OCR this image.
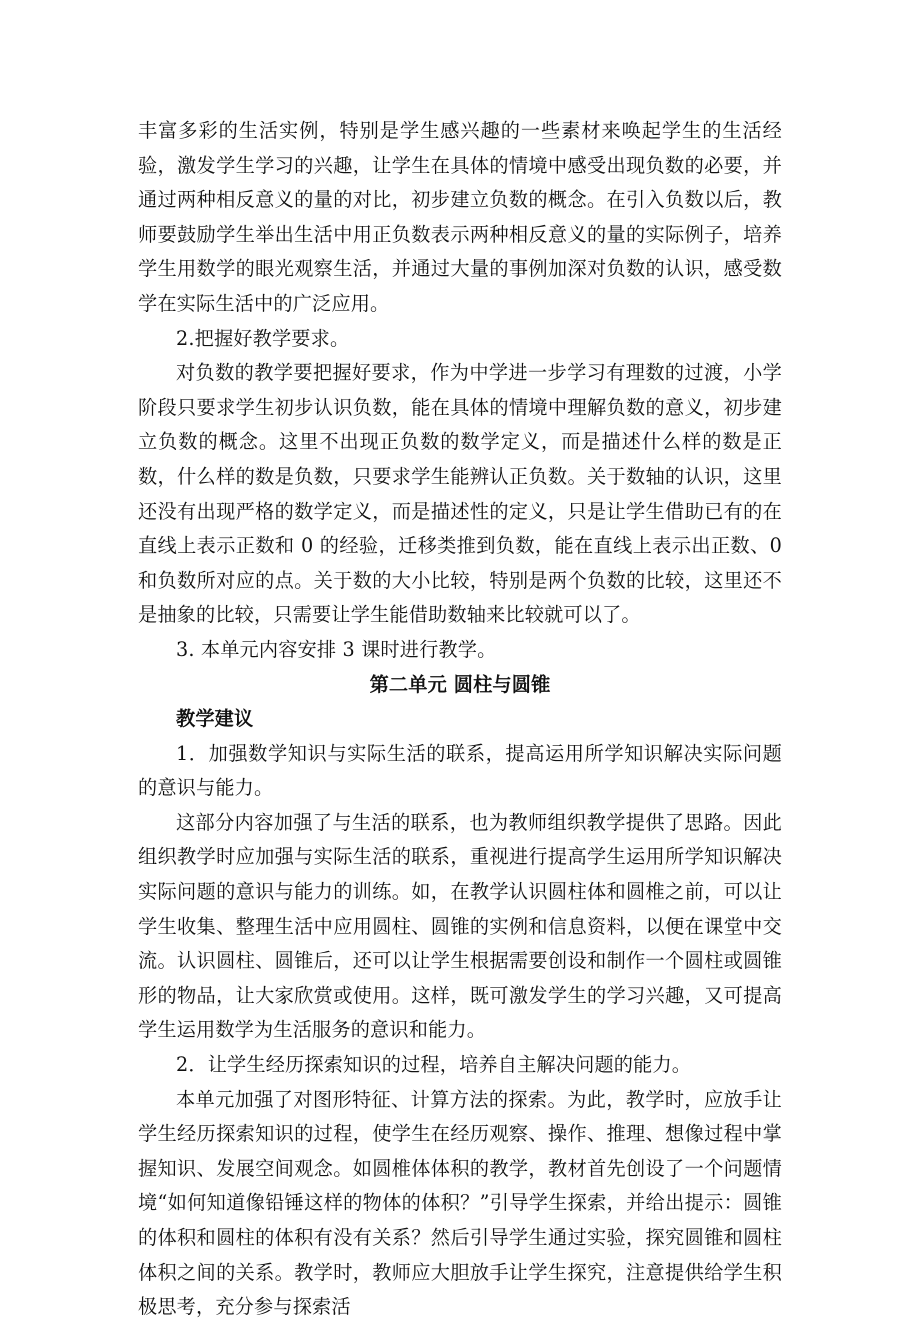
丰富多彩的生活实例，特别是学生感兴趣的一些素材来唤起学生的生活经验，激发学生学习的兴趣，让学生在具体的情境中感受出现负数的必要，并通过两种相反意义的量的对比，初步建立负数的概念。在引入负数以后，教师要鼓励学生举出生活中用正负数表示两种相反意义的量的实际例子，培养学生用数学的眼光观察生活，并通过大量的事例加深对负数的认识，感受数学在实际生活中的广泛应用。

2.把握好教学要求。

对负数的教学要把握好要求，作为中学进一步学习有理数的过渡，小学阶段只要求学生初步认识负数，能在具体的情境中理解负数的意义，初步建立负数的概念。这里不出现正负数的数学定义，而是描述什么样的数是正数，什么样的数是负数，只要求学生能辨认正负数。关于数轴的认识，这里还没有出现严格的数学定义，而是描述性的定义，只是让学生借助已有的在直线上表示正数和 0 的经验，迁移类推到负数，能在直线上表示出正数、0 和负数所对应的点。关于数的大小比较，特别是两个负数的比较，这里还不是抽象的比较，只需要让学生能借助数轴来比较就可以了。

3. 本单元内容安排 3 课时进行教学。

第二单元 圆柱与圆锥

教学建议

1．加强数学知识与实际生活的联系，提高运用所学知识解决实际问题的意识与能力。

这部分内容加强了与生活的联系，也为教师组织教学提供了思路。因此组织教学时应加强与实际生活的联系，重视进行提高学生运用所学知识解决实际问题的意识与能力的训练。如，在教学认识圆柱体和圆椎之前，可以让学生收集、整理生活中应用圆柱、圆锥的实例和信息资料，以便在课堂中交流。认识圆柱、圆锥后，还可以让学生根据需要创设和制作一个圆柱或圆锥形的物品，让大家欣赏或使用。这样，既可激发学生的学习兴趣，又可提高学生运用数学为生活服务的意识和能力。

2．让学生经历探索知识的过程，培养自主解决问题的能力。

本单元加强了对图形特征、计算方法的探索。为此，教学时，应放手让学生经历探索知识的过程，使学生在经历观察、操作、推理、想像过程中掌握知识、发展空间观念。如圆椎体体积的教学，教材首先创设了一个问题情境“如何知道像铅锤这样的物体的体积？”引导学生探索，并给出提示：圆锥的体积和圆柱的体积有没有关系？然后引导学生通过实验，探究圆锥和圆柱体积之间的关系。教学时，教师应大胆放手让学生探究，注意提供给学生积极思考，充分参与探索活
